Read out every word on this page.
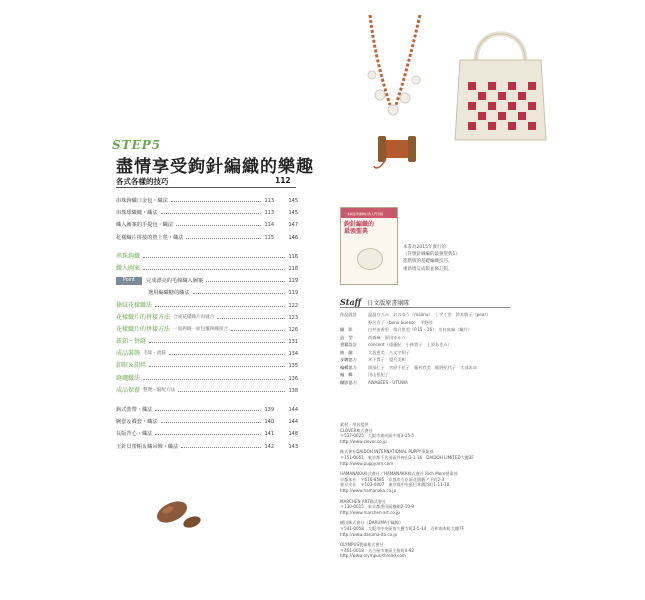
STEP5
盡情享受鉤針編織的樂趣
各式各樣的技巧	112
串珠鉤織口金包・織法	113	145
串珠球織繩・織法	113	145
織入圖案的手提包・織法	114	147
花樣織片拼接的墊上毯・織法	115	146
串珠鉤織	116
織入圖案	118
Point	完成漂亮的毛線織入圖案	119
選用編織糖的織法	119
條紋花樣織法	122
花樣織片的拼接方法 合成花樣織片再縫合	123
花樣織片的拼接方法 一面鉤織一面包覆鉤織接合	126
鈕釦・併縫	131
成品裝飾 毛球・流蘇	134
釦眼＆釦絆	135
縫繩織法	136
成品保養 整燙・縮配方法	138
鉤式蕾帶・織法	139	144
腕套＆襪套・織法	140	144
長版背心・織法	141	148
玉針貝蕾帽＆織吊飾・織法	142	143
一本就能掌握鉤針的入門書籍
鉤針編織的
最強聖典
本書為2015年發行的
《符號針織編的最強聖典1》
進階版的基礎編織技巧，
重新增訂成版並修訂版。
Staff 日文版原書團隊
作品設計	溫溫ひろみ　おのゆう（maana）　しずく堂　鈴木敬子（pear）
野呂宣子（bono bueno）　平野紗
攝　影	白井由香里　落合里美（P.15・16）　川村真麻（織片）
造　型	尚森麻　原田ゆかり
書籍設計	concent（遠藤紀　小林貴子　上原あきみ）
繪　圖	大坂恵美　八文字則子
步驟協力	木下貴子　望月美和
編輯協力	岡部仁子　宮原千花子　藤村欣美　飯野紀代子　大部あゆ
編　輯	田山佳紀子
攝影協力	AWABEES・UTUWA
素材・用具提供
CLOVER株式會社
〒537-0025　大阪市東成區中道3-15-5
http://www.clover.co.jp
株式會社DAIDOH INTERNATIONAL PUPPY事業部
〒151-0051　東京都千代田區外神田3-1-16　DAIDOH LIMITED大樓3F
http://www.puppyarn.com
HAMANAKA株式會社／HAMANAKA株式會社 Rich More營業部
京都本社　〒616-8585　京都市右京區花園藪ノ下町2-3
東京支社　〒103-0007　東京都中央區日本橋浜町1-11-10
http://www.hamanaka.co.jp
MARCHEN ART株式會社
〒130-0015　東京都墨田區橫網2-10-9
http://www.marchen-art.co.jp
橫田株式會社（DARUMA手織線）
〒541-0058　大阪市中央區南久寶寺町2-5-14　近和南本町大樓7F
http://www.daruma-ito.co.jp
OLYMPUS製絲株式會社
〒461-0018　名古屋市東區主稅町4-92
http://www.olympus-thread.com
